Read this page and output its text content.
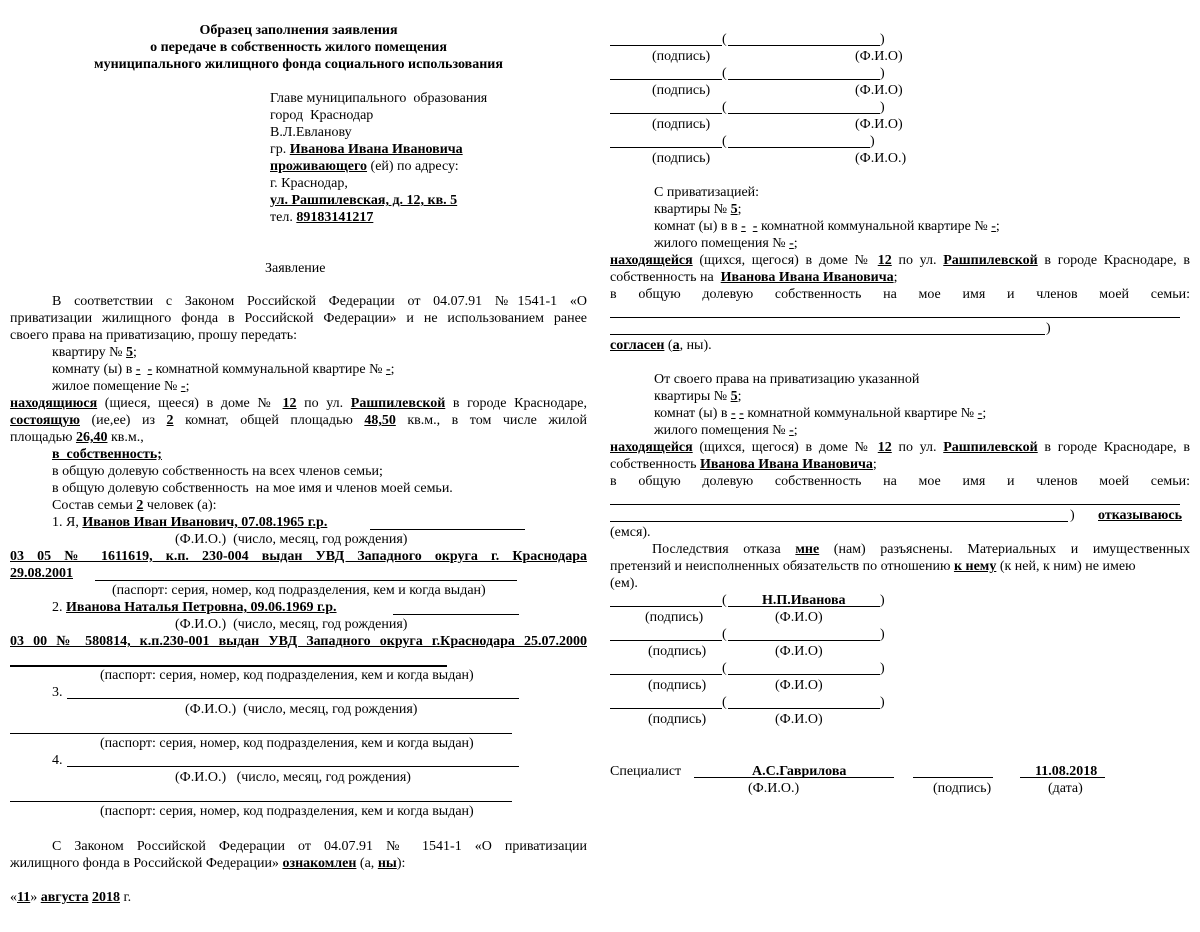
Образец заполнения заявления
о передаче в собственность жилого помещения
муниципального жилищного фонда социального использования
Главе муниципального  образования
город  Краснодар
В.Л.Евланову
гр. Иванова Ивана Ивановича
проживающего (ей) по адресу:
г. Краснодар,
ул. Рашпилевская, д. 12, кв. 5
тел. 89183141217
Заявление
В соответствии с Законом Российской Федерации от 04.07.91 №1541-1 «О
приватизации жилищного фонда в Российской Федерации» и не использованием ранее
своего права на приватизацию, прошу передать:
квартиру № 5;
комнату (ы) в - - комнатной коммунальной квартире № -;
жилое помещение № -;
находящиюся (щиеся, щееся) в доме № 12 по ул. Рашпилевской в городе Краснодаре,
состоящую (ие,ее) из 2 комнат, общей площадью 48,50 кв.м., в том числе жилой
площадью 26,40 кв.м.,
в  собственность;
в общую долевую собственность на всех членов семьи;
в общую долевую собственность  на мое имя и членов моей семьи.
Состав семьи 2 человек (а):
1. Я, Иванов Иван Иванович, 07.08.1965 г.р.
(Ф.И.О.)  (число, месяц, год рождения)
03 05 № 1611619, к.п. 230-004 выдан УВД Западного округа г. Краснодара
29.08.2001
(паспорт: серия, номер, код подразделения, кем и когда выдан)
2. Иванова Наталья Петровна, 09.06.1969 г.р.
(Ф.И.О.)  (число, месяц, год рождения)
03 00 № 580814, к.п.230-001 выдан УВД Западного округа г.Краснодара 25.07.2000
(паспорт: серия, номер, код подразделения, кем и когда выдан)
3.
(Ф.И.О.)  (число, месяц, год рождения)
(паспорт: серия, номер, код подразделения, кем и когда выдан)
4.
(Ф.И.О.)   (число, месяц, год рождения)
(паспорт: серия, номер, код подразделения, кем и когда выдан)
С Законом Российской Федерации от 04.07.91 № 1541-1 «О приватизации
жилищного фонда в Российской Федерации» ознакомлен (а, ны):
«11» августа 2018 г.
(	)
(подпись)	(Ф.И.О)
(	)
(подпись)	(Ф.И.О)
(	)
(подпись)	(Ф.И.О)
(	)
(подпись)	(Ф.И.О.)
С приватизацией:
квартиры № 5;
комнат (ы) в в - - комнатной коммунальной квартире № -;
жилого помещения № -;
находящейся (щихся, щегося) в доме № 12 по ул. Рашпилевской в городе Краснодаре, в
собственность на  Иванова Ивана Ивановича;
в общую долевую собственность на мое имя и членов моей семьи:
)
согласен (а, ны).
От своего права на приватизацию указанной
квартиры № 5;
комнат (ы) в - - комнатной коммунальной квартире № -;
жилого помещения № -;
находящейся (щихся, щегося) в доме № 12 по ул. Рашпилевской в городе Краснодаре, в
собственность Иванова Ивана Ивановича;
в общую долевую собственность на мое имя и членов моей семьи:
) отказываюсь
(емся).
Последствия отказа мне (нам) разъяснены. Материальных и имущественных
претензий и неисполненных обязательств по отношению к нему (к ней, к ним) не имею
(ем).
(	Н.П.Иванова )
(подпись)	(Ф.И.О)
(	)
(подпись)	(Ф.И.О)
(	)
(подпись)	(Ф.И.О)
(	)
(подпись)	(Ф.И.О)
Специалист	А.С.Гаврилова
(Ф.И.О.)	(подпись)
11.08.2018
(дата)
